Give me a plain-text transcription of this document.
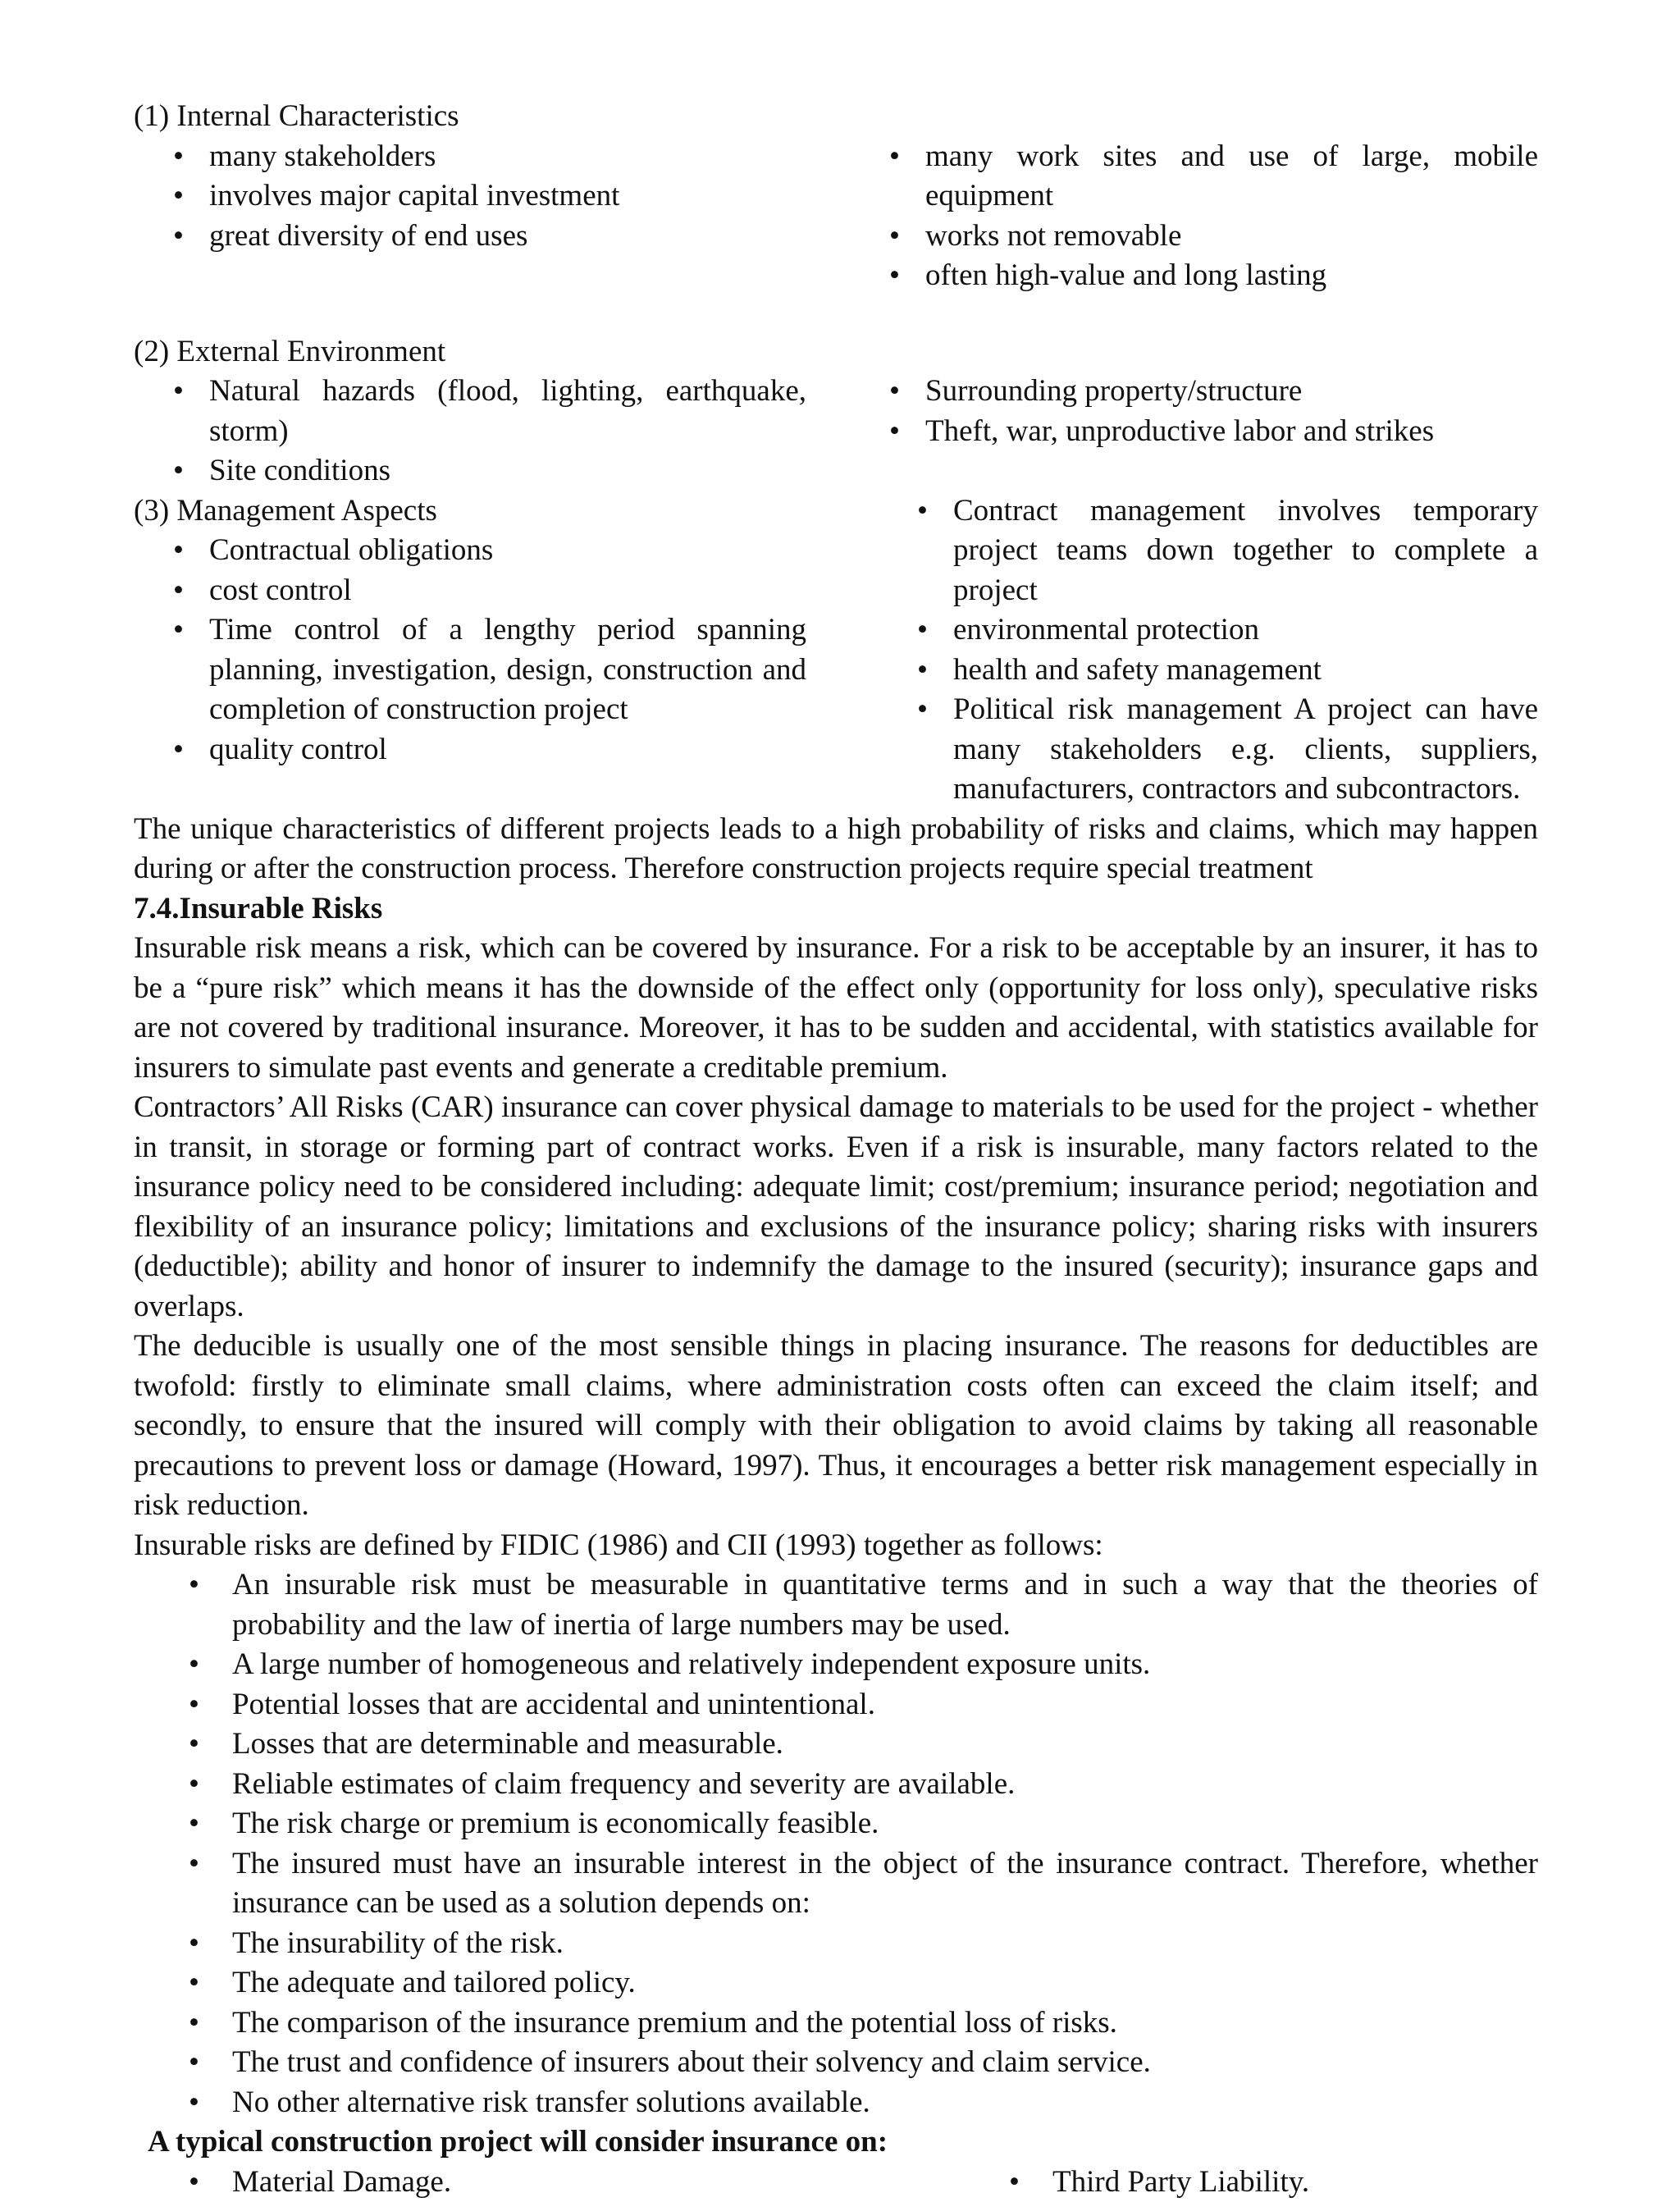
(1) Internal Characteristics

• many stakeholders
• involves major capital investment
• great diversity of end uses
• many work sites and use of large, mobile equipment
• works not removable
• often high-value and long lasting

(2) External Environment

• Natural hazards (flood, lighting, earthquake, storm)
• Site conditions
• Surrounding property/structure
• Theft, war, unproductive labor and strikes

(3) Management Aspects

• Contractual obligations
• cost control
• Time control of a lengthy period spanning planning, investigation, design, construction and completion of construction project
• quality control
• Contract management involves temporary project teams down together to complete a project
• environmental protection
• health and safety management
• Political risk management A project can have many stakeholders e.g. clients, suppliers, manufacturers, contractors and subcontractors.

The unique characteristics of different projects leads to a high probability of risks and claims, which may happen during or after the construction process. Therefore construction projects require special treatment

7.4.Insurable Risks

Insurable risk means a risk, which can be covered by insurance. For a risk to be acceptable by an insurer, it has to be a “pure risk” which means it has the downside of the effect only (opportunity for loss only), speculative risks are not covered by traditional insurance. Moreover, it has to be sudden and accidental, with statistics available for insurers to simulate past events and generate a creditable premium.

Contractors’ All Risks (CAR) insurance can cover physical damage to materials to be used for the project - whether in transit, in storage or forming part of contract works. Even if a risk is insurable, many factors related to the insurance policy need to be considered including: adequate limit; cost/premium; insurance period; negotiation and flexibility of an insurance policy; limitations and exclusions of the insurance policy; sharing risks with insurers (deductible); ability and honor of insurer to indemnify the damage to the insured (security); insurance gaps and overlaps.

The deducible is usually one of the most sensible things in placing insurance. The reasons for deductibles are twofold: firstly to eliminate small claims, where administration costs often can exceed the claim itself; and secondly, to ensure that the insured will comply with their obligation to avoid claims by taking all reasonable precautions to prevent loss or damage (Howard, 1997). Thus, it encourages a better risk management especially in risk reduction.

Insurable risks are defined by FIDIC (1986) and CII (1993) together as follows:

• An insurable risk must be measurable in quantitative terms and in such a way that the theories of probability and the law of inertia of large numbers may be used.
• A large number of homogeneous and relatively independent exposure units.
• Potential losses that are accidental and unintentional.
• Losses that are determinable and measurable.
• Reliable estimates of claim frequency and severity are available.
• The risk charge or premium is economically feasible.
• The insured must have an insurable interest in the object of the insurance contract. Therefore, whether insurance can be used as a solution depends on:
• The insurability of the risk.
• The adequate and tailored policy.
• The comparison of the insurance premium and the potential loss of risks.
• The trust and confidence of insurers about their solvency and claim service.
• No other alternative risk transfer solutions available.

A typical construction project will consider insurance on:

• Material Damage.
•	Third Party Liability.
